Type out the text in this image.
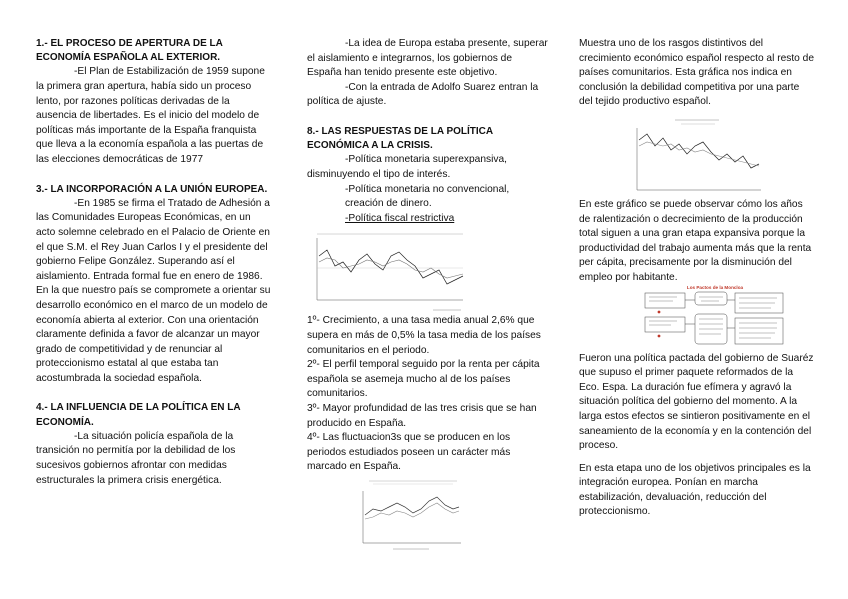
1.- EL PROCESO DE APERTURA DE LA ECONOMÍA ESPAÑOLA AL EXTERIOR.

-El Plan de Estabilización de 1959 supone la primera gran apertura, había sido un proceso lento, por razones políticas derivadas de la ausencia de libertades. Es el inicio del modelo de políticas más importante de la España franquista que lleva a la economía española a las puertas de las elecciones democráticas de 1977

3.- LA INCORPORACIÓN A LA UNIÓN EUROPEA.

-En 1985 se firma el Tratado de Adhesión a las Comunidades Europeas Económicas, en un acto solemne celebrado en el Palacio de Oriente en el que S.M. el Rey Juan Carlos I y el presidente del gobierno Felipe González. Superando así el aislamiento. Entrada formal fue en enero de 1986. En la que nuestro país se compromete a orientar su desarrollo económico en el marco de un modelo de economía abierta al exterior. Con una orientación claramente definida a favor de alcanzar un mayor grado de competitividad y de renunciar al proteccionismo estatal al que estaba tan acostumbrada la sociedad española.

4.- LA INFLUENCIA DE LA POLÍTICA EN LA ECONOMÍA.

-La situación policía española de la transición no permitía por la debilidad de los sucesivos gobiernos afrontar con medidas estructurales la primera crisis energética.

-La idea de Europa estaba presente, superar el aislamiento e integrarnos, los gobiernos de España han tenido presente este objetivo.

-Con la entrada de Adolfo Suarez entran la política de ajuste.

8.- LAS RESPUESTAS DE LA POLÍTICA ECONÓMICA A LA CRISIS.

-Política monetaria superexpansiva, disminuyendo el tipo de interés.

-Política monetaria no convencional, creación de dinero.

-Política fiscal restrictiva

1º- Crecimiento, a una tasa media anual 2,6% que supera en más de 0,5% la tasa media de los países comunitarios en el periodo.

2º- El perfil temporal seguido por la renta per cápita española se asemeja mucho al de los países comunitarios.

3º- Mayor profundidad de las tres crisis que se han producido en España.

4º- Las fluctuacion3s que se producen en los periodos estudiados poseen un carácter más marcado en España.

Muestra uno de los rasgos distintivos del crecimiento económico español respecto al resto de países comunitarios. Esta gráfica nos indica en conclusión la debilidad competitiva por una parte del tejido productivo español.

En este gráfico se puede observar cómo los años de ralentización o decrecimiento de la producción total siguen a una gran etapa expansiva porque la productividad del trabajo aumenta más que la renta per cápita, precisamente por la disminución del empleo por habitante.

Los Pactos de la Moncloa

Fueron una política pactada del gobierno de Suaréz que supuso el primer paquete reformados de la Eco. Espa. La duración fue efímera y agravó la situación política del gobierno del momento. A la larga estos efectos se sintieron positivamente en el saneamiento de la economía y en la contención del proceso.

En esta etapa uno de los objetivos principales es la integración europea. Ponían en marcha estabilización, devaluación, reducción del proteccionismo.
